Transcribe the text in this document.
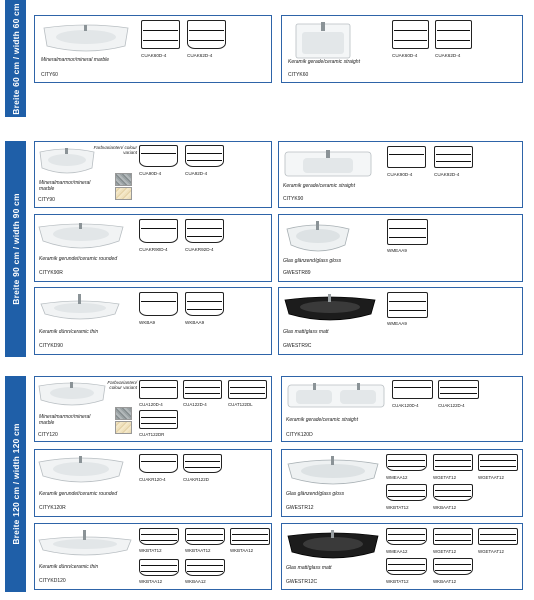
Breite 60 cm / width 60 cm
Breite 90 cm / width 90 cm
Breite 120 cm / width 120 cm
Mineralmarmor/mineral marble
CITY60
CUAK60D-4	CUAK62D-4
Keramik gerade/ceramic straight
CITYK60
CUAK60D-4	CUAK62D-4
Farbvarianten/ colour variant
Mineralmarmor/mineral marble
CITY90
CUA90D-4	CUA92D-4
Keramik gerade/ceramic straight
CITYK90
CUAK90D-4	CUAK92D-4
Keramik gerundet/ceramic rounded
CITYK90R
CUAKR90D-4	CUAKR92D-4
Glas glänzend/glass gloss
GWESTR89
WMEAA9
Keramik dünn/ceramic thin
CITYKD90
WKBA9	WKBAA9
Glas matt/glass matt
GWESTR9C
WMEAA9
Farbvarianten/ colour variant
Mineralmarmor/mineral marble
CITY120
CUA120D-4	CUA122D-4	CUAT122DL
CUAT122DR
Keramik gerade/ceramic straight
CITYK120D
CUAK120D-4	CUAK122D-4
Keramik gerundet/ceramic rounded
CITYK120R
CUAKR120-4	CUAKR122D
Glas glänzend/glass gloss
GWESTR12
WMEAA12	WGETAT12	WGETAAT12
WKBTAT12	WKBAAT12
Keramik dünn/ceramic thin
CITYKD120
WKBTAT12	WKBTAAT12	WKBTAA12
WKBTAA12	WKBAA12
Glas matt/glass matt
GWESTR12C
WMEAA12	WGETAT12	WGETAAT12
WKBTAT12	WKBAAT12
